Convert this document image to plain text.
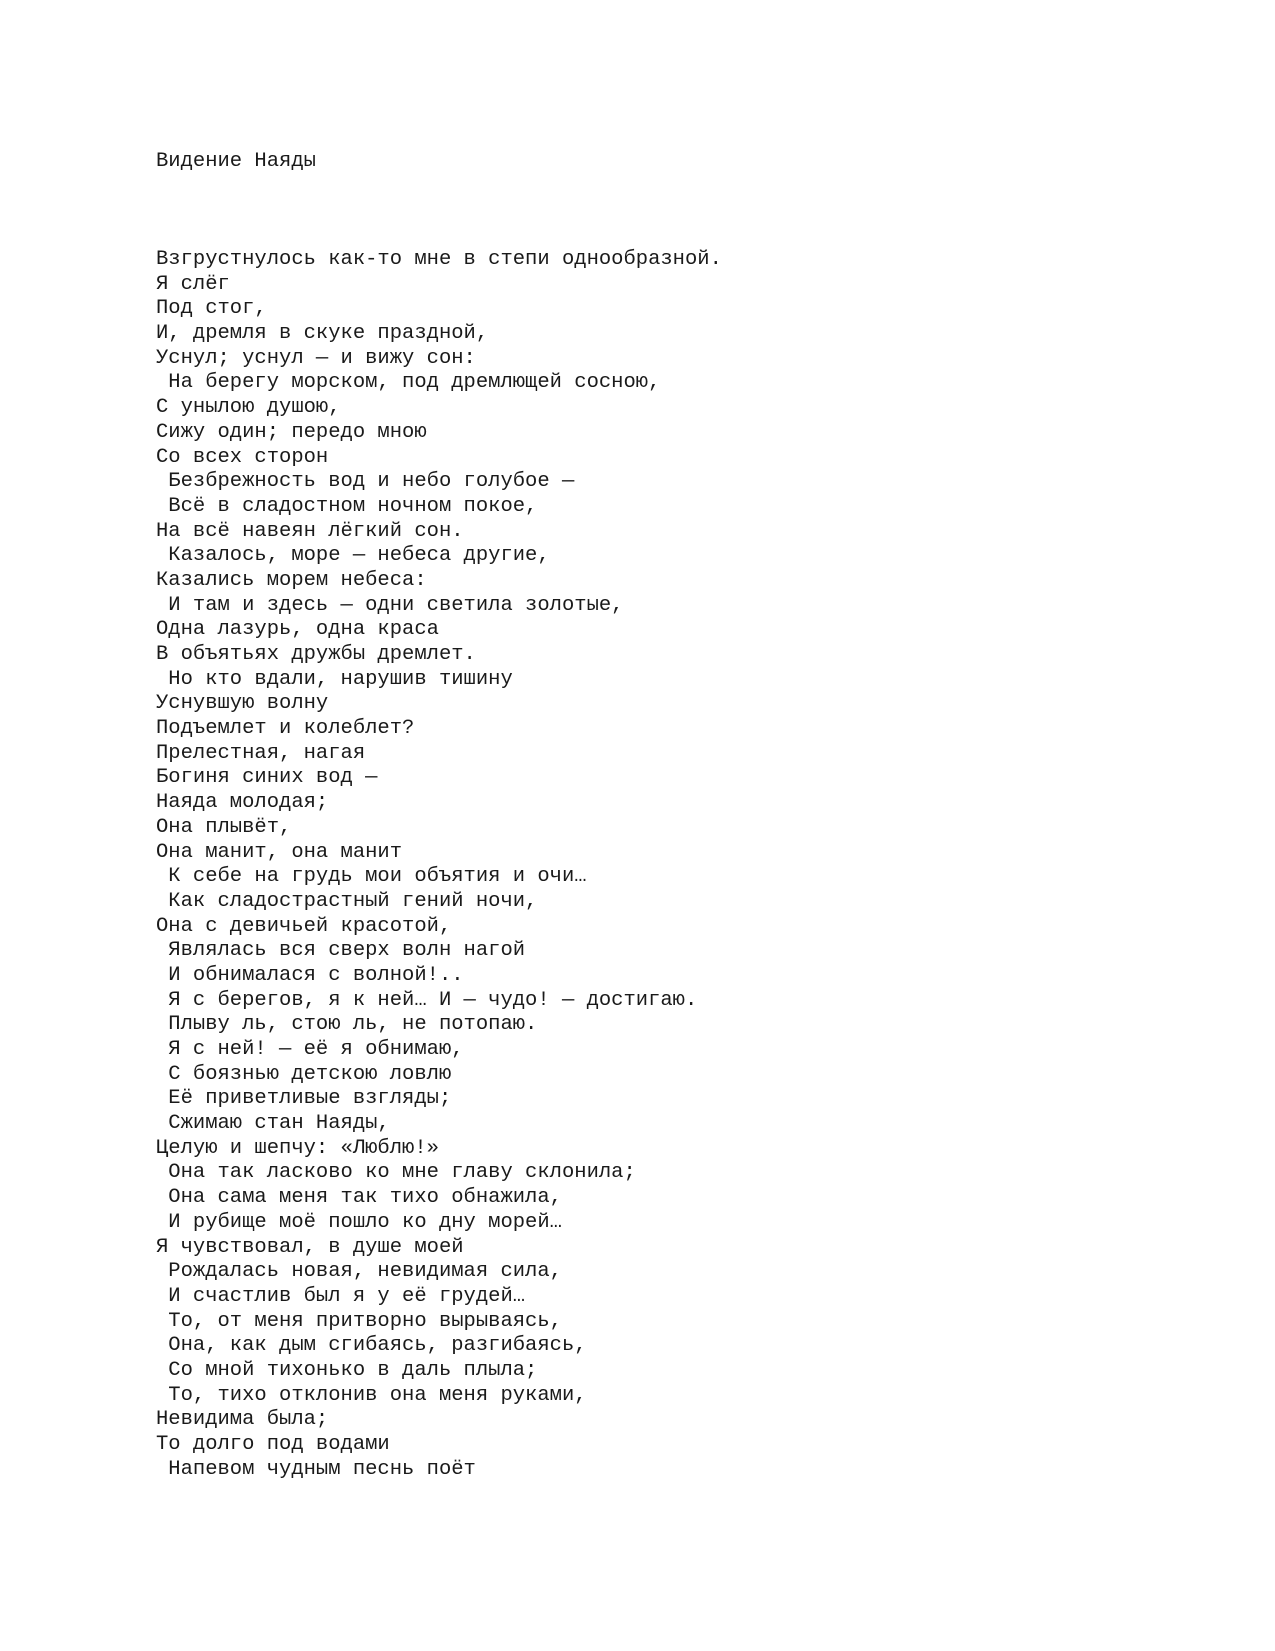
Видение Наяды
Взгрустнулось как-то мне в степи однообразной.
Я слёг
Под стог,
И, дремля в скуке праздной,
Уснул; уснул — и вижу сон:
На берегу морском, под дремлющей сосною,
С унылою душою,
Сижу один; передо мною
Со всех сторон
Безбрежность вод и небо голубое —
Всё в сладостном ночном покое,
На всё навеян лёгкий сон.
Казалось, море — небеса другие,
Казались морем небеса:
И там и здесь — одни светила золотые,
Одна лазурь, одна краса
В объятьях дружбы дремлет.
Но кто вдали, нарушив тишину
Уснувшую волну
Подъемлет и колеблет?
Прелестная, нагая
Богиня синих вод —
Наяда молодая;
Она плывёт,
Она манит, она манит
К себе на грудь мои объятия и очи…
Как сладострастный гений ночи,
Она с девичьей красотой,
Являлась вся сверх волн нагой
И обнималася с волной!..
Я с берегов, я к ней… И — чудо! — достигаю.
Плыву ль, стою ль, не потопаю.
Я с ней! — её я обнимаю,
С боязнью детскою ловлю
Её приветливые взгляды;
Сжимаю стан Наяды,
Целую и шепчу: «Люблю!»
Она так ласково ко мне главу склонила;
Она сама меня так тихо обнажила,
И рубище моё пошло ко дну морей…
Я чувствовал, в душе моей
Рождалась новая, невидимая сила,
И счастлив был я у её грудей…
То, от меня притворно вырываясь,
Она, как дым сгибаясь, разгибаясь,
Со мной тихонько в даль плыла;
То, тихо отклонив она меня руками,
Невидима была;
То долго под водами
Напевом чудным песнь поёт
